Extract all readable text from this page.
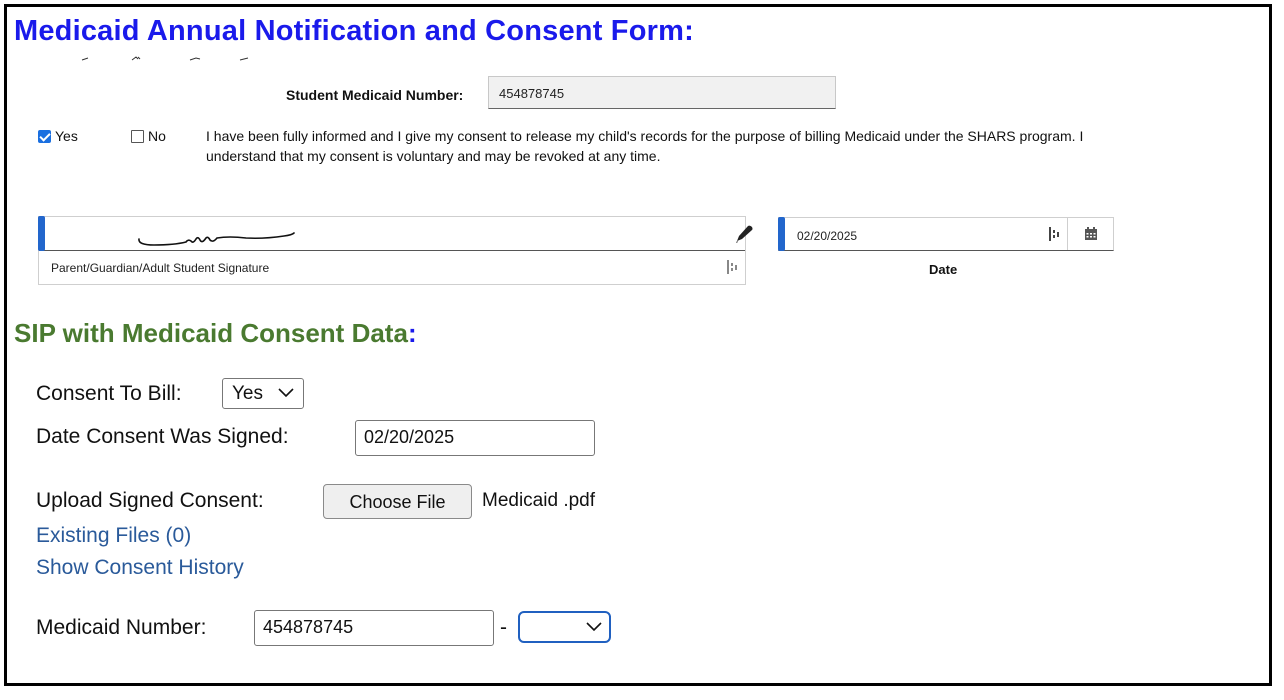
Medicaid Annual Notification and Consent Form:
Student Medicaid Number:	454878745
Yes	No	I have been fully informed and I give my consent to release my child's records for the purpose of billing Medicaid under the SHARS program. I understand that my consent is voluntary and may be revoked at any time.
Parent/Guardian/Adult Student Signature
02/20/2025
Date
SIP with Medicaid Consent Data:
Consent To Bill:	Yes
Date Consent Was Signed:	02/20/2025
Upload Signed Consent:	Choose File	Medicaid .pdf
Existing Files (0)
Show Consent History
Medicaid Number:	454878745	-
